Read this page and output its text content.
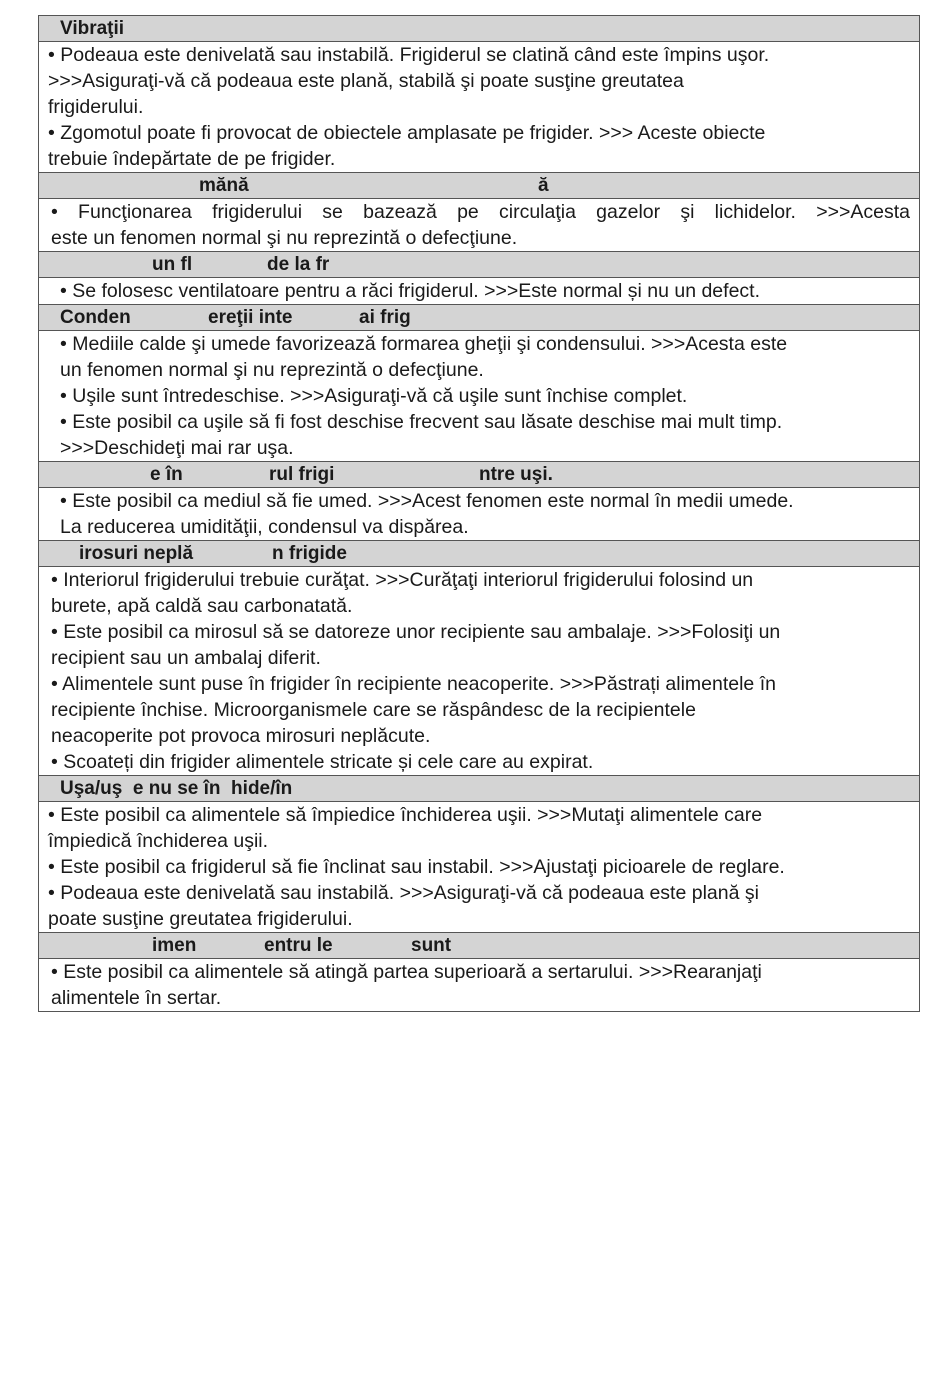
Vibraţii

• Podeaua este denivelată sau instabilă. Frigiderul se clatină când este împins uşor.

>>>Asiguraţi-vă că podeaua este plană, stabilă şi poate susţine greutatea

frigiderului.

• Zgomotul poate fi provocat de obiectele amplasate pe frigider. >>> Aceste obiecte

trebuie îndepărtate de pe frigider.

mănă	ă

• Funcţionarea frigiderului se bazează pe circulaţia gazelor şi lichidelor. >>>Acesta

este un fenomen normal şi nu reprezintă o defecţiune.

un fl	de la fr

• Se folosesc ventilatoare pentru a răci frigiderul. >>>Este normal și nu un defect.

Conden	ereţii inte	ai frig

• Mediile calde şi umede favorizează formarea gheţii şi condensului. >>>Acesta este

un fenomen normal şi nu reprezintă o defecţiune.

• Uşile sunt întredeschise. >>>Asiguraţi-vă că uşile sunt închise complet.

• Este posibil ca uşile să fi fost deschise frecvent sau lăsate deschise mai mult timp.

>>>Deschideţi mai rar uşa.

e în	rul frigi	ntre uşi.

• Este posibil ca mediul să fie umed. >>>Acest fenomen este normal în medii umede.

La reducerea umidităţii, condensul va dispărea.

irosuri neplă	n frigide

• Interiorul frigiderului trebuie curăţat. >>>Curăţaţi interiorul frigiderului folosind un

burete, apă caldă sau carbonatată.

• Este posibil ca mirosul să se datoreze unor recipiente sau ambalaje. >>>Folosiţi un

recipient sau un ambalaj diferit.

• Alimentele sunt puse în frigider în recipiente neacoperite. >>>Păstrați alimentele în

recipiente închise. Microorganismele care se răspândesc de la recipientele

neacoperite pot provoca mirosuri neplăcute.

• Scoateți din frigider alimentele stricate și cele care au expirat.

Uşa/uş  e nu se în  hide/în

• Este posibil ca alimentele să împiedice închiderea uşii. >>>Mutaţi alimentele care

împiedică închiderea uşii.

• Este posibil ca frigiderul să fie înclinat sau instabil. >>>Ajustaţi picioarele de reglare.

• Podeaua este denivelată sau instabilă. >>>Asiguraţi-vă că podeaua este plană şi

poate susţine greutatea frigiderului.

imen	entru le	sunt

• Este posibil ca alimentele să atingă partea superioară a sertarului. >>>Rearanjaţi

alimentele în sertar.
